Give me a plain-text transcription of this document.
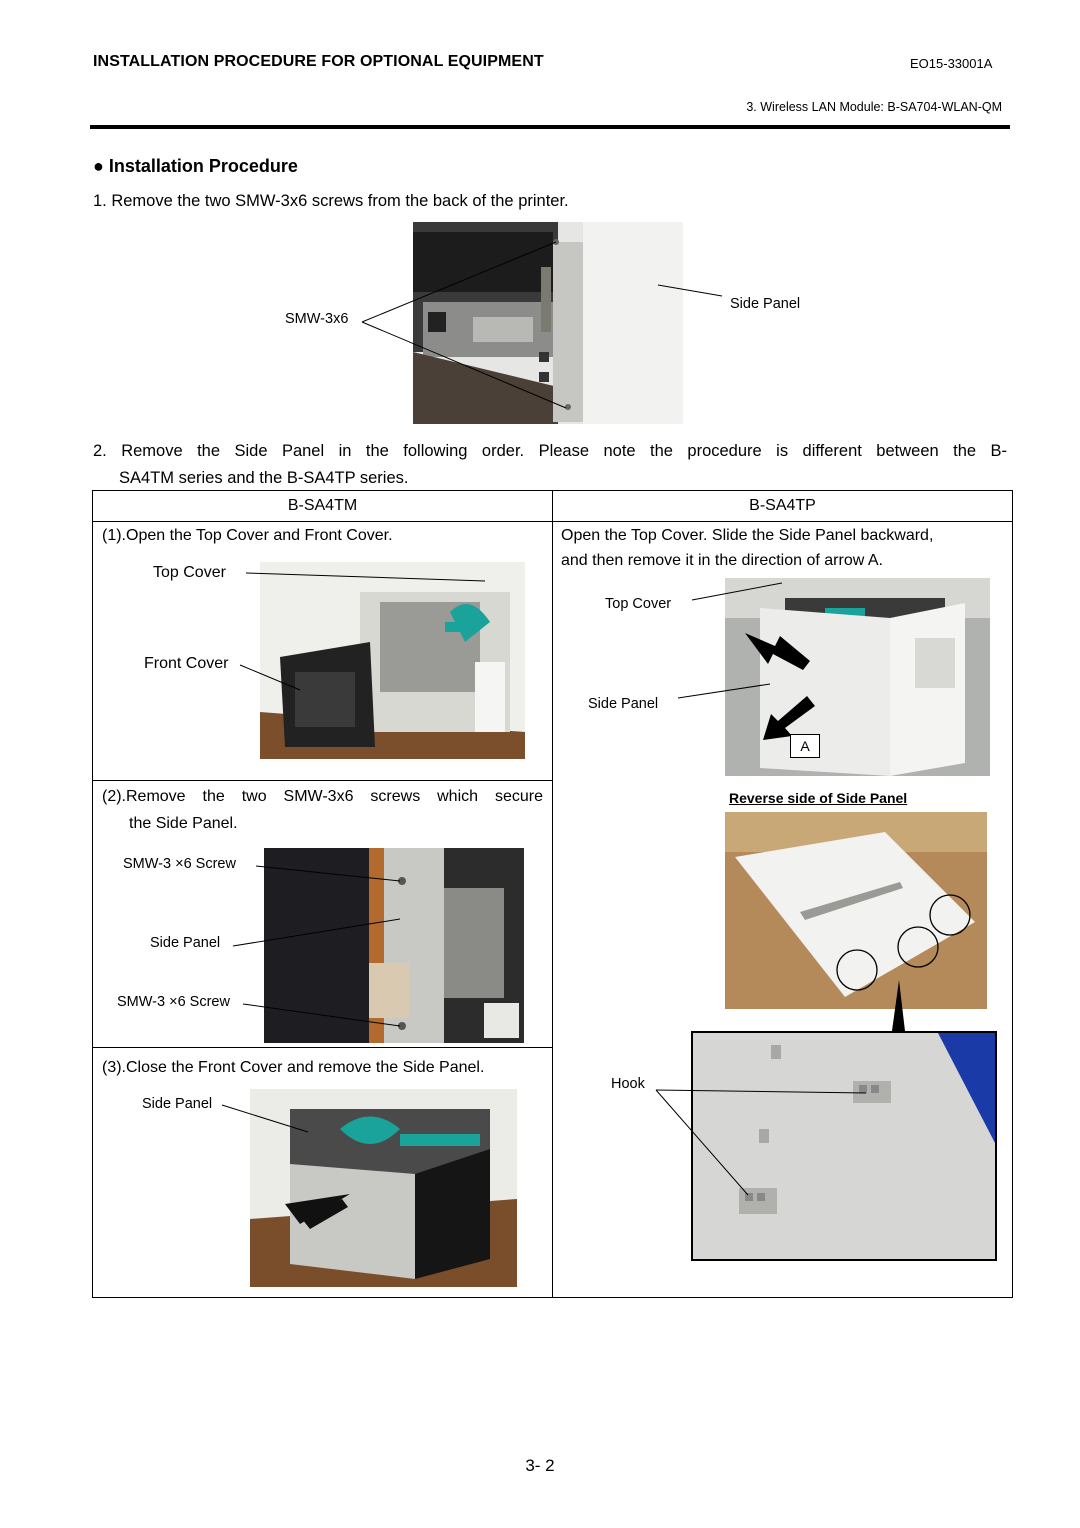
INSTALLATION PROCEDURE FOR OPTIONAL EQUIPMENT	EO15-33001A
3. Wireless LAN Module: B-SA704-WLAN-QM
● Installation Procedure
1. Remove the two SMW-3x6 screws from the back of the printer.
SMW-3x6
Side Panel
2. Remove the Side Panel in the following order. Please note the procedure is different between the B-
SA4TM series and the B-SA4TP series.
B-SA4TM	B-SA4TP
(1).Open the Top Cover and Front Cover.
Top Cover
Front Cover
(2).Remove the two SMW-3x6 screws which secure
the Side Panel.
SMW-3 ×6 Screw
Side Panel
SMW-3 ×6 Screw
(3).Close the Front Cover and remove the Side Panel.
Side Panel
Open the Top Cover. Slide the Side Panel backward,
and then remove it in the direction of arrow A.
Top Cover
Side Panel
A
Reverse side of Side Panel
Hook
3- 2
